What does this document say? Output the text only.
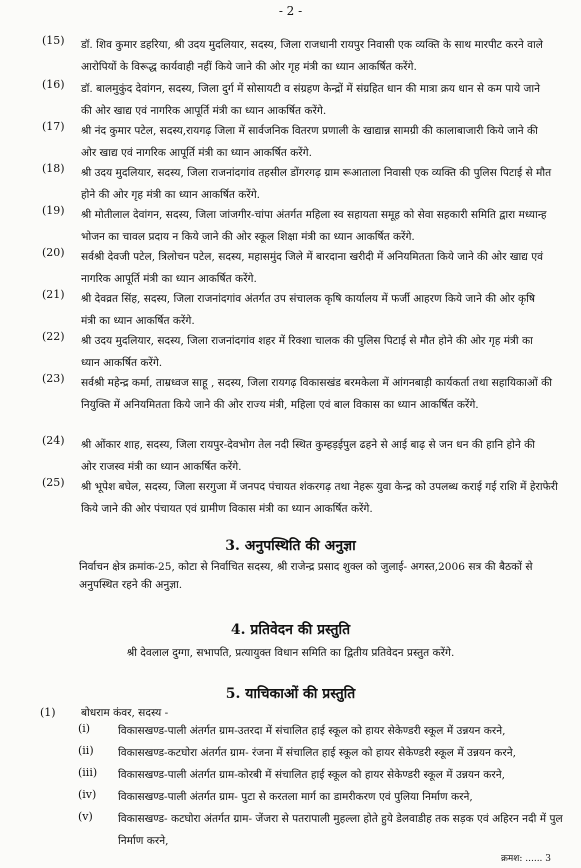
- 2 -
(15) डॉ. शिव कुमार डहरिया, श्री उदय मुदलियार, सदस्य, जिला राजधानी रायपुर निवासी एक व्यक्ति के साथ मारपीट करने वाले आरोपियों के विरूद्ध कार्यवाही नहीं किये जाने की ओर गृह मंत्री का ध्यान आकर्षित करेंगे.
(16) डॉ. बालमुकुंद देवांगन, सदस्य, जिला दुर्ग में सोसायटी व संग्रहण केन्द्रों में संग्रहित धान की मात्रा क्रय धान से कम पाये जाने की ओर खाद्य एवं नागरिक आपूर्ति मंत्री का ध्यान आकर्षित करेंगे.
(17) श्री नंद कुमार पटेल, सदस्य,रायगढ़ जिला में सार्वजनिक वितरण प्रणाली के खाद्यान्न सामग्री की कालाबाजारी किये जाने की ओर खाद्य एवं नागरिक आपूर्ति मंत्री का ध्यान आकर्षित करेंगे.
(18) श्री उदय मुदलियार, सदस्य, जिला राजनांदगांव तहसील डोंगरगढ़ ग्राम रूआताला निवासी एक व्यक्ति की पुलिस पिटाई से मौत होने की ओर गृह मंत्री का ध्यान आकर्षित करेंगे.
(19) श्री मोतीलाल देवांगन, सदस्य, जिला जांजगीर-चांपा अंतर्गत महिला स्व सहायता समूह को सेवा सहकारी समिति द्वारा मध्यान्ह भोजन का चावल प्रदाय न किये जाने की ओर स्कूल शिक्षा मंत्री का ध्यान आकर्षित करेंगे.
(20) सर्वश्री देवजी पटेल, त्रिलोचन पटेल, सदस्य, महासमुंद जिले में बारदाना खरीदी में अनियमितता किये जाने की ओर खाद्य एवं नागरिक आपूर्ति मंत्री का ध्यान आकर्षित करेंगे.
(21) श्री देवव्रत सिंह, सदस्य, जिला राजनांदगांव अंतर्गत उप संचालक कृषि कार्यालय में फर्जी आहरण किये जाने की ओर कृषि मंत्री का ध्यान आकर्षित करेंगे.
(22) श्री उदय मुदलियार, सदस्य, जिला राजनांदगांव शहर में रिक्शा चालक की पुलिस पिटाई से मौत होने की ओर गृह मंत्री का ध्यान आकर्षित करेंगे.
(23) सर्वश्री महेन्द्र कर्मा, ताम्रध्वज साहू , सदस्य, जिला रायगढ़ विकासखंड बरमकेला में आंगनबाड़ी कार्यकर्ता तथा सहायिकाओं की नियुक्ति में अनियमितता किये जाने की ओर राज्य मंत्री, महिला एवं बाल विकास का ध्यान आकर्षित करेंगे.
(24) श्री ओंकार शाह, सदस्य, जिला रायपुर-देवभोग तेल नदी स्थित कुम्हड़ईपुल ढहने से आई बाढ़ से जन धन की हानि होने की ओर राजस्व मंत्री का ध्यान आकर्षित करेंगे.
(25) श्री भूपेश बघेल, सदस्य, जिला सरगुजा में जनपद पंचायत शंकरगढ़ तथा नेहरू युवा केन्द्र को उपलब्ध कराई गई राशि में हेराफेरी किये जाने की ओर पंचायत एवं ग्रामीण विकास मंत्री का ध्यान आकर्षित करेंगे.
3. अनुपस्थिति की अनुज्ञा
निर्वाचन क्षेत्र क्रमांक-25, कोटा से निर्वाचित सदस्य, श्री राजेन्द्र प्रसाद शुक्ल को जुलाई- अगस्त,2006 सत्र की बैठकों से अनुपस्थित रहने की अनुज्ञा.
4. प्रतिवेदन की प्रस्तुति
श्री देवलाल दुग्गा, सभापति, प्रत्यायुक्त विधान समिति का द्वितीय प्रतिवेदन प्रस्तुत करेंगे.
5. याचिकाओं की प्रस्तुति
(1) बोधराम कंवर, सदस्य -
(i)	विकासखण्ड-पाली अंतर्गत ग्राम-उतरदा में संचालित हाई स्कूल को हायर सेकेण्डरी स्कूल में उन्नयन करने,
(ii) विकासखण्ड-कटघोरा अंतर्गत ग्राम- रंजना में संचालित हाई स्कूल को हायर सेकेण्डरी स्कूल में उन्नयन करने,
(iii) विकासखण्ड-पाली अंतर्गत ग्राम-कोरबी में संचालित हाई स्कूल को हायर सेकेण्डरी स्कूल में उन्नयन करने,
(iv) विकासखण्ड-पाली अंतर्गत ग्राम- पुटा से करतला मार्ग का डामरीकरण एवं पुलिया निर्माण करने,
(v) विकासखण्ड- कटघोरा अंतर्गत ग्राम- जेंजरा से पतरापाली मुहल्ला होते हुये डेलवाडीह तक सड़क एवं अहिरन नदी में पुल निर्माण करने,
क्रमश: ...... 3
